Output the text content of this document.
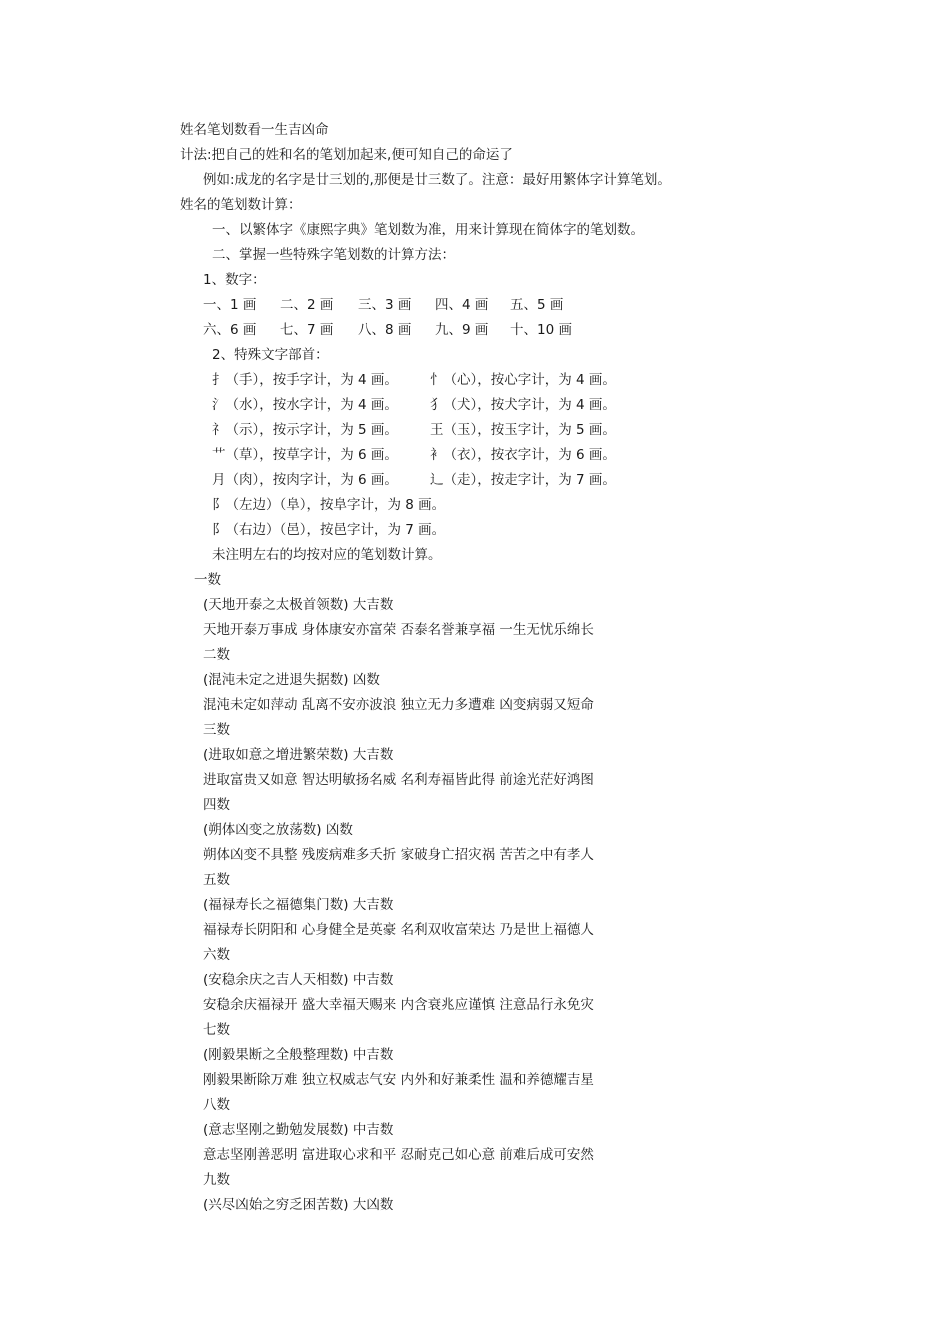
姓名笔划数看一生吉凶命
计法:把自己的姓和名的笔划加起来,便可知自己的命运了
例如:成龙的名字是廿三划的,那便是廿三数了。注意：最好用繁体字计算笔划。
姓名的笔划数计算：
一、以繁体字《康熙字典》笔划数为准，用来计算现在简体字的笔划数。
二、掌握一些特殊字笔划数的计算方法：
1、数字：
一、1 画 二、2 画 三、3 画 四、4 画 五、5 画
六、6 画 七、7 画 八、8 画 九、9 画 十、10 画
2、特殊文字部首：
扌（手），按手字计，为 4 画。 忄（心），按心字计，为 4 画。
氵（水），按水字计，为 4 画。 犭（犬），按犬字计，为 4 画。
礻（示），按示字计，为 5 画。 王（玉），按玉字计，为 5 画。
艹（草），按草字计，为 6 画。 衤（衣），按衣字计，为 6 画。
月（肉），按肉字计，为 6 画。 辶（走），按走字计，为 7 画。
阝（左边）（阜），按阜字计，为 8 画。
阝（右边）（邑），按邑字计，为 7 画。
未注明左右的均按对应的笔划数计算。
一数
(天地开泰之太极首领数) 大吉数
天地开泰万事成 身体康安亦富荣 否泰名誉兼享福 一生无忧乐绵长
二数
(混沌未定之进退失据数) 凶数
混沌未定如萍动 乱离不安亦波浪 独立无力多遭难 凶变病弱又短命
三数
(进取如意之增进繁荣数) 大吉数
进取富贵又如意 智达明敏扬名威 名利寿福皆此得 前途光茫好鸿图
四数
(朔体凶变之放荡数) 凶数
朔体凶变不具整 残废病难多夭折 家破身亡招灾祸 苦苦之中有孝人
五数
(福禄寿长之福德集门数) 大吉数
福禄寿长阴阳和 心身健全是英豪 名利双收富荣达 乃是世上福德人
六数
(安稳余庆之吉人天相数) 中吉数
安稳余庆福禄开 盛大幸福天赐来 内含衰兆应谨慎 注意品行永免灾
七数
(刚毅果断之全般整理数) 中吉数
刚毅果断除万难 独立权威志气安 内外和好兼柔性 温和养德耀吉星
八数
(意志坚刚之勤勉发展数) 中吉数
意志坚刚善恶明 富进取心求和平 忍耐克己如心意 前难后成可安然
九数
(兴尽凶始之穷乏困苦数) 大凶数
